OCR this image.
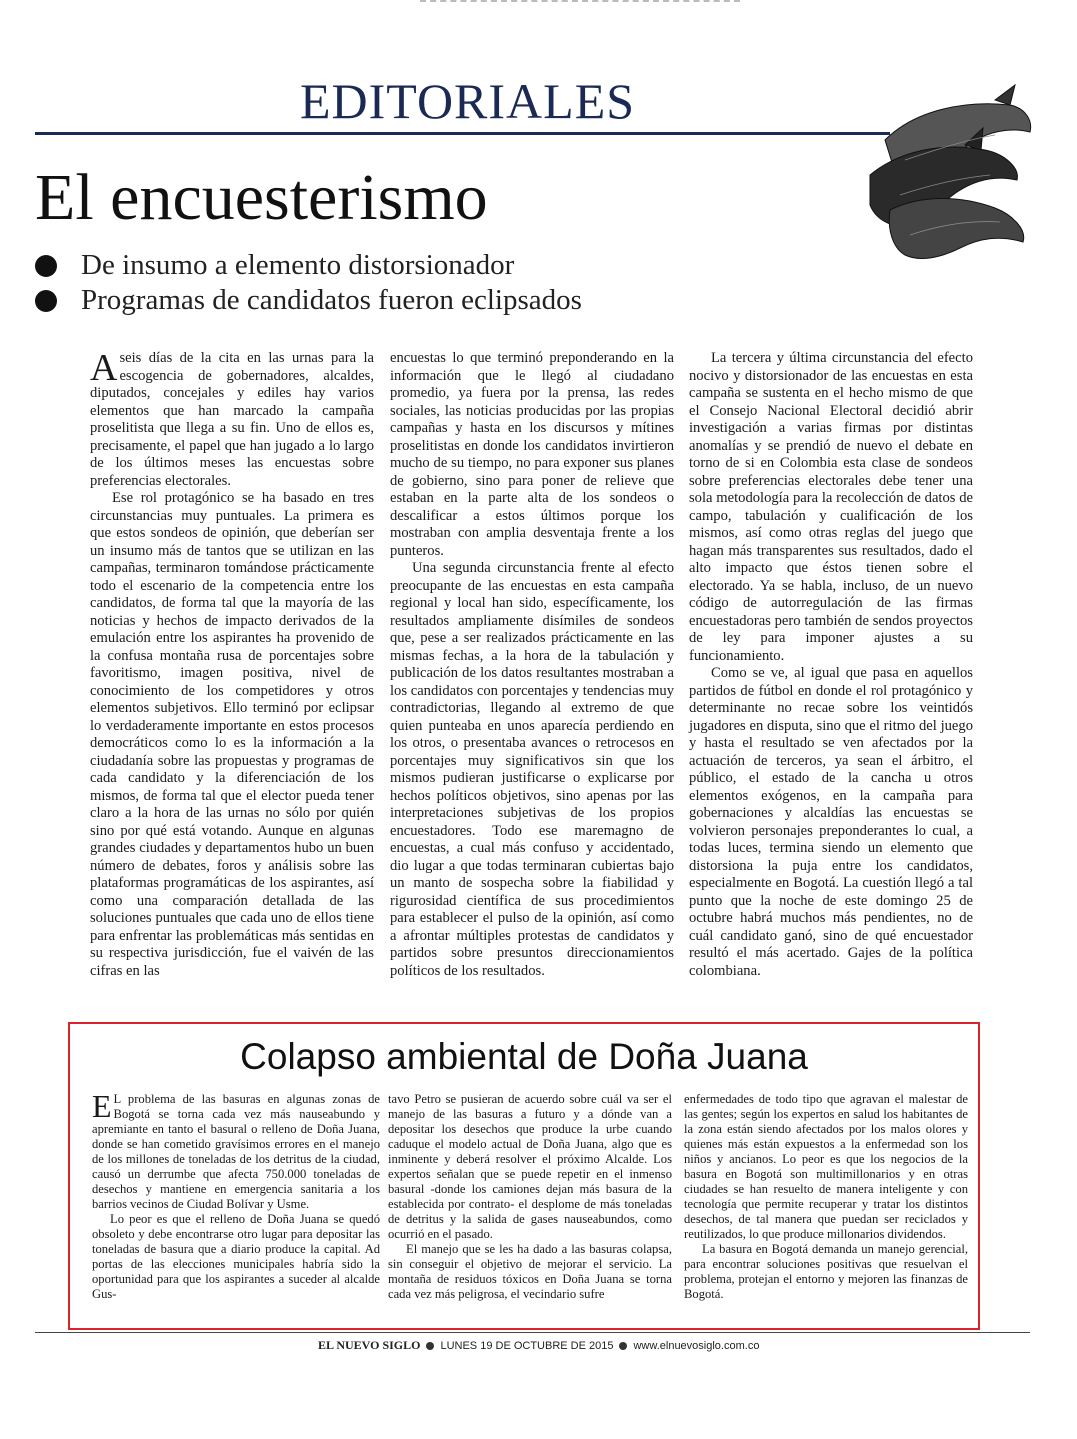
EDITORIALES
El encuesterismo
De insumo a elemento distorsionador
Programas de candidatos fueron eclipsados

A seis días de la cita en las urnas para la escogencia de gobernadores, alcaldes, diputados, concejales y ediles hay varios elementos que han marcado la campaña proselitista que llega a su fin. Uno de ellos es, precisamente, el papel que han jugado a lo largo de los últimos meses las encuestas sobre preferencias electorales.

Ese rol protagónico se ha basado en tres circunstancias muy puntuales. La primera es que estos sondeos de opinión, que deberían ser un insumo más de tantos que se utilizan en las campañas, terminaron tomándose prácticamente todo el escenario de la competencia entre los candidatos, de forma tal que la mayoría de las noticias y hechos de impacto derivados de la emulación entre los aspirantes ha provenido de la confusa montaña rusa de porcentajes sobre favoritismo, imagen positiva, nivel de conocimiento de los competidores y otros elementos subjetivos. Ello terminó por eclipsar lo verdaderamente importante en estos procesos democráticos como lo es la información a la ciudadanía sobre las propuestas y programas de cada candidato y la diferenciación de los mismos, de forma tal que el elector pueda tener claro a la hora de las urnas no sólo por quién sino por qué está votando. Aunque en algunas grandes ciudades y departamentos hubo un buen número de debates, foros y análisis sobre las plataformas programáticas de los aspirantes, así como una comparación detallada de las soluciones puntuales que cada uno de ellos tiene para enfrentar las problemáticas más sentidas en su respectiva jurisdicción, fue el vaivén de las cifras en las

encuestas lo que terminó preponderando en la información que le llegó al ciudadano promedio, ya fuera por la prensa, las redes sociales, las noticias producidas por las propias campañas y hasta en los discursos y mítines proselitistas en donde los candidatos invirtieron mucho de su tiempo, no para exponer sus planes de gobierno, sino para poner de relieve que estaban en la parte alta de los sondeos o descalificar a estos últimos porque los mostraban con amplia desventaja frente a los punteros.

Una segunda circunstancia frente al efecto preocupante de las encuestas en esta campaña regional y local han sido, específicamente, los resultados ampliamente disímiles de sondeos que, pese a ser realizados prácticamente en las mismas fechas, a la hora de la tabulación y publicación de los datos resultantes mostraban a los candidatos con porcentajes y tendencias muy contradictorias, llegando al extremo de que quien punteaba en unos aparecía perdiendo en los otros, o presentaba avances o retrocesos en porcentajes muy significativos sin que los mismos pudieran justificarse o explicarse por hechos políticos objetivos, sino apenas por las interpretaciones subjetivas de los propios encuestadores. Todo ese maremagno de encuestas, a cual más confuso y accidentado, dio lugar a que todas terminaran cubiertas bajo un manto de sospecha sobre la fiabilidad y rigurosidad científica de sus procedimientos para establecer el pulso de la opinión, así como a afrontar múltiples protestas de candidatos y partidos sobre presuntos direccionamientos políticos de los resultados.

La tercera y última circunstancia del efecto nocivo y distorsionador de las encuestas en esta campaña se sustenta en el hecho mismo de que el Consejo Nacional Electoral decidió abrir investigación a varias firmas por distintas anomalías y se prendió de nuevo el debate en torno de si en Colombia esta clase de sondeos sobre preferencias electorales debe tener una sola metodología para la recolección de datos de campo, tabulación y cualificación de los mismos, así como otras reglas del juego que hagan más transparentes sus resultados, dado el alto impacto que éstos tienen sobre el electorado. Ya se habla, incluso, de un nuevo código de autorregulación de las firmas encuestadoras pero también de sendos proyectos de ley para imponer ajustes a su funcionamiento.

Como se ve, al igual que pasa en aquellos partidos de fútbol en donde el rol protagónico y determinante no recae sobre los veintidós jugadores en disputa, sino que el ritmo del juego y hasta el resultado se ven afectados por la actuación de terceros, ya sean el árbitro, el público, el estado de la cancha u otros elementos exógenos, en la campaña para gobernaciones y alcaldías las encuestas se volvieron personajes preponderantes lo cual, a todas luces, termina siendo un elemento que distorsiona la puja entre los candidatos, especialmente en Bogotá. La cuestión llegó a tal punto que la noche de este domingo 25 de octubre habrá muchos más pendientes, no de cuál candidato ganó, sino de qué encuestador resultó el más acertado. Gajes de la política colombiana.

Colapso ambiental de Doña Juana

E L problema de las basuras en algunas zonas de Bogotá se torna cada vez más nauseabundo y apremiante en tanto el basural o relleno de Doña Juana, donde se han cometido gravísimos errores en el manejo de los millones de toneladas de los detritus de la ciudad, causó un derrumbe que afecta 750.000 toneladas de desechos y mantiene en emergencia sanitaria a los barrios vecinos de Ciudad Bolívar y Usme.

Lo peor es que el relleno de Doña Juana se quedó obsoleto y debe encontrarse otro lugar para depositar las toneladas de basura que a diario produce la capital. Ad portas de las elecciones municipales habría sido la oportunidad para que los aspirantes a suceder al alcalde Gus-

tavo Petro se pusieran de acuerdo sobre cuál va ser el manejo de las basuras a futuro y a dónde van a depositar los desechos que produce la urbe cuando caduque el modelo actual de Doña Juana, algo que es inminente y deberá resolver el próximo Alcalde. Los expertos señalan que se puede repetir en el inmenso basural -donde los camiones dejan más basura de la establecida por contrato- el desplome de más toneladas de detritus y la salida de gases nauseabundos, como ocurrió en el pasado.

El manejo que se les ha dado a las basuras colapsa, sin conseguir el objetivo de mejorar el servicio. La montaña de residuos tóxicos en Doña Juana se torna cada vez más peligrosa, el vecindario sufre

enfermedades de todo tipo que agravan el malestar de las gentes; según los expertos en salud los habitantes de la zona están siendo afectados por los malos olores y quienes más están expuestos a la enfermedad son los niños y ancianos. Lo peor es que los negocios de la basura en Bogotá son multimillonarios y en otras ciudades se han resuelto de manera inteligente y con tecnología que permite recuperar y tratar los distintos desechos, de tal manera que puedan ser reciclados y reutilizados, lo que produce millonarios dividendos.

La basura en Bogotá demanda un manejo gerencial, para encontrar soluciones positivas que resuelvan el problema, protejan el entorno y mejoren las finanzas de Bogotá.

EL NUEVO SIGLO LUNES 19 DE OCTUBRE DE 2015 www.elnuevosiglo.com.co
